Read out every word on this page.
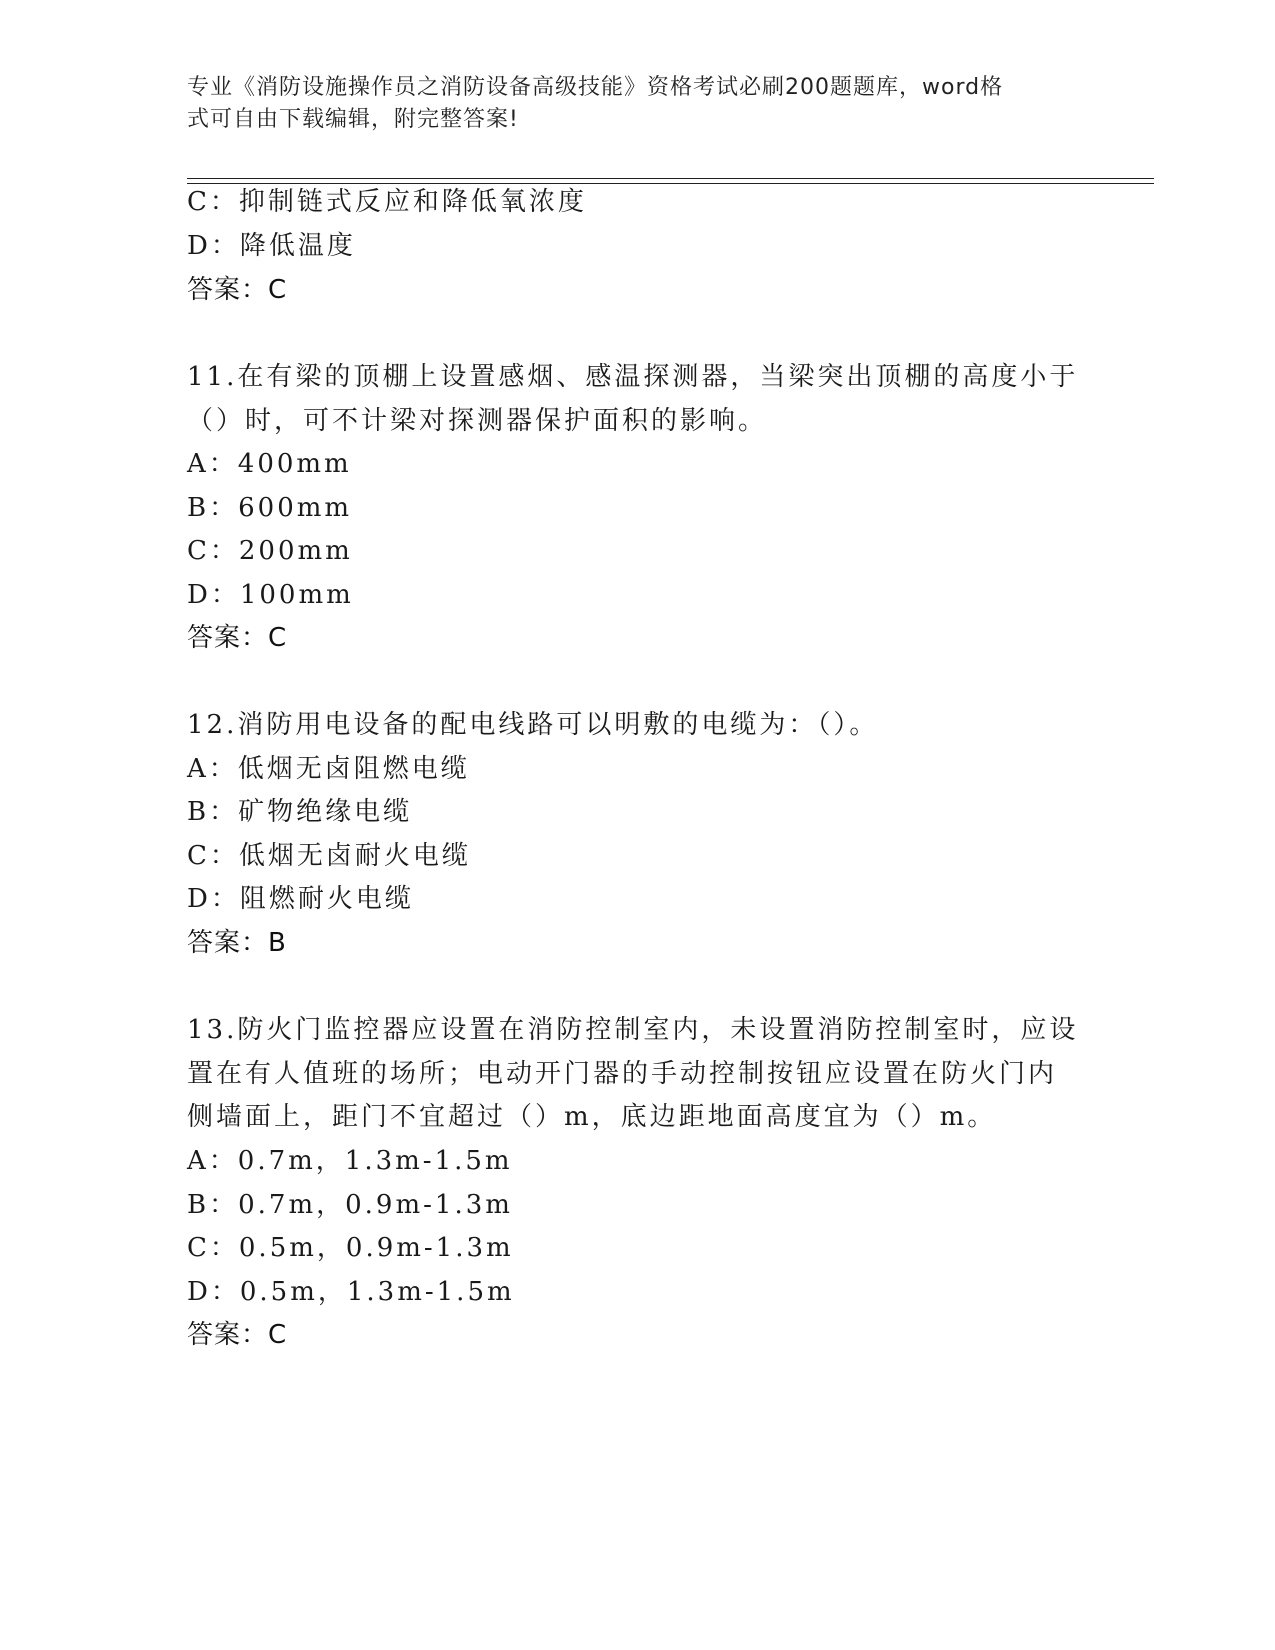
专业《消防设施操作员之消防设备高级技能》资格考试必刷200题题库，word格
式可自由下载编辑，附完整答案!
C：抑制链式反应和降低氧浓度
D：降低温度
答案：C
11.在有梁的顶棚上设置感烟、感温探测器，当梁突出顶棚的高度小于
（）时，可不计梁对探测器保护面积的影响。
A：400mm
B：600mm
C：200mm
D：100mm
答案：C
12.消防用电设备的配电线路可以明敷的电缆为：（）。
A：低烟无卤阻燃电缆
B：矿物绝缘电缆
C：低烟无卤耐火电缆
D：阻燃耐火电缆
答案：B
13.防火门监控器应设置在消防控制室内，未设置消防控制室时，应设
置在有人值班的场所；电动开门器的手动控制按钮应设置在防火门内
侧墙面上，距门不宜超过（）m，底边距地面高度宜为（）m。
A：0.7m，1.3m-1.5m
B：0.7m，0.9m-1.3m
C：0.5m，0.9m-1.3m
D：0.5m，1.3m-1.5m
答案：C
